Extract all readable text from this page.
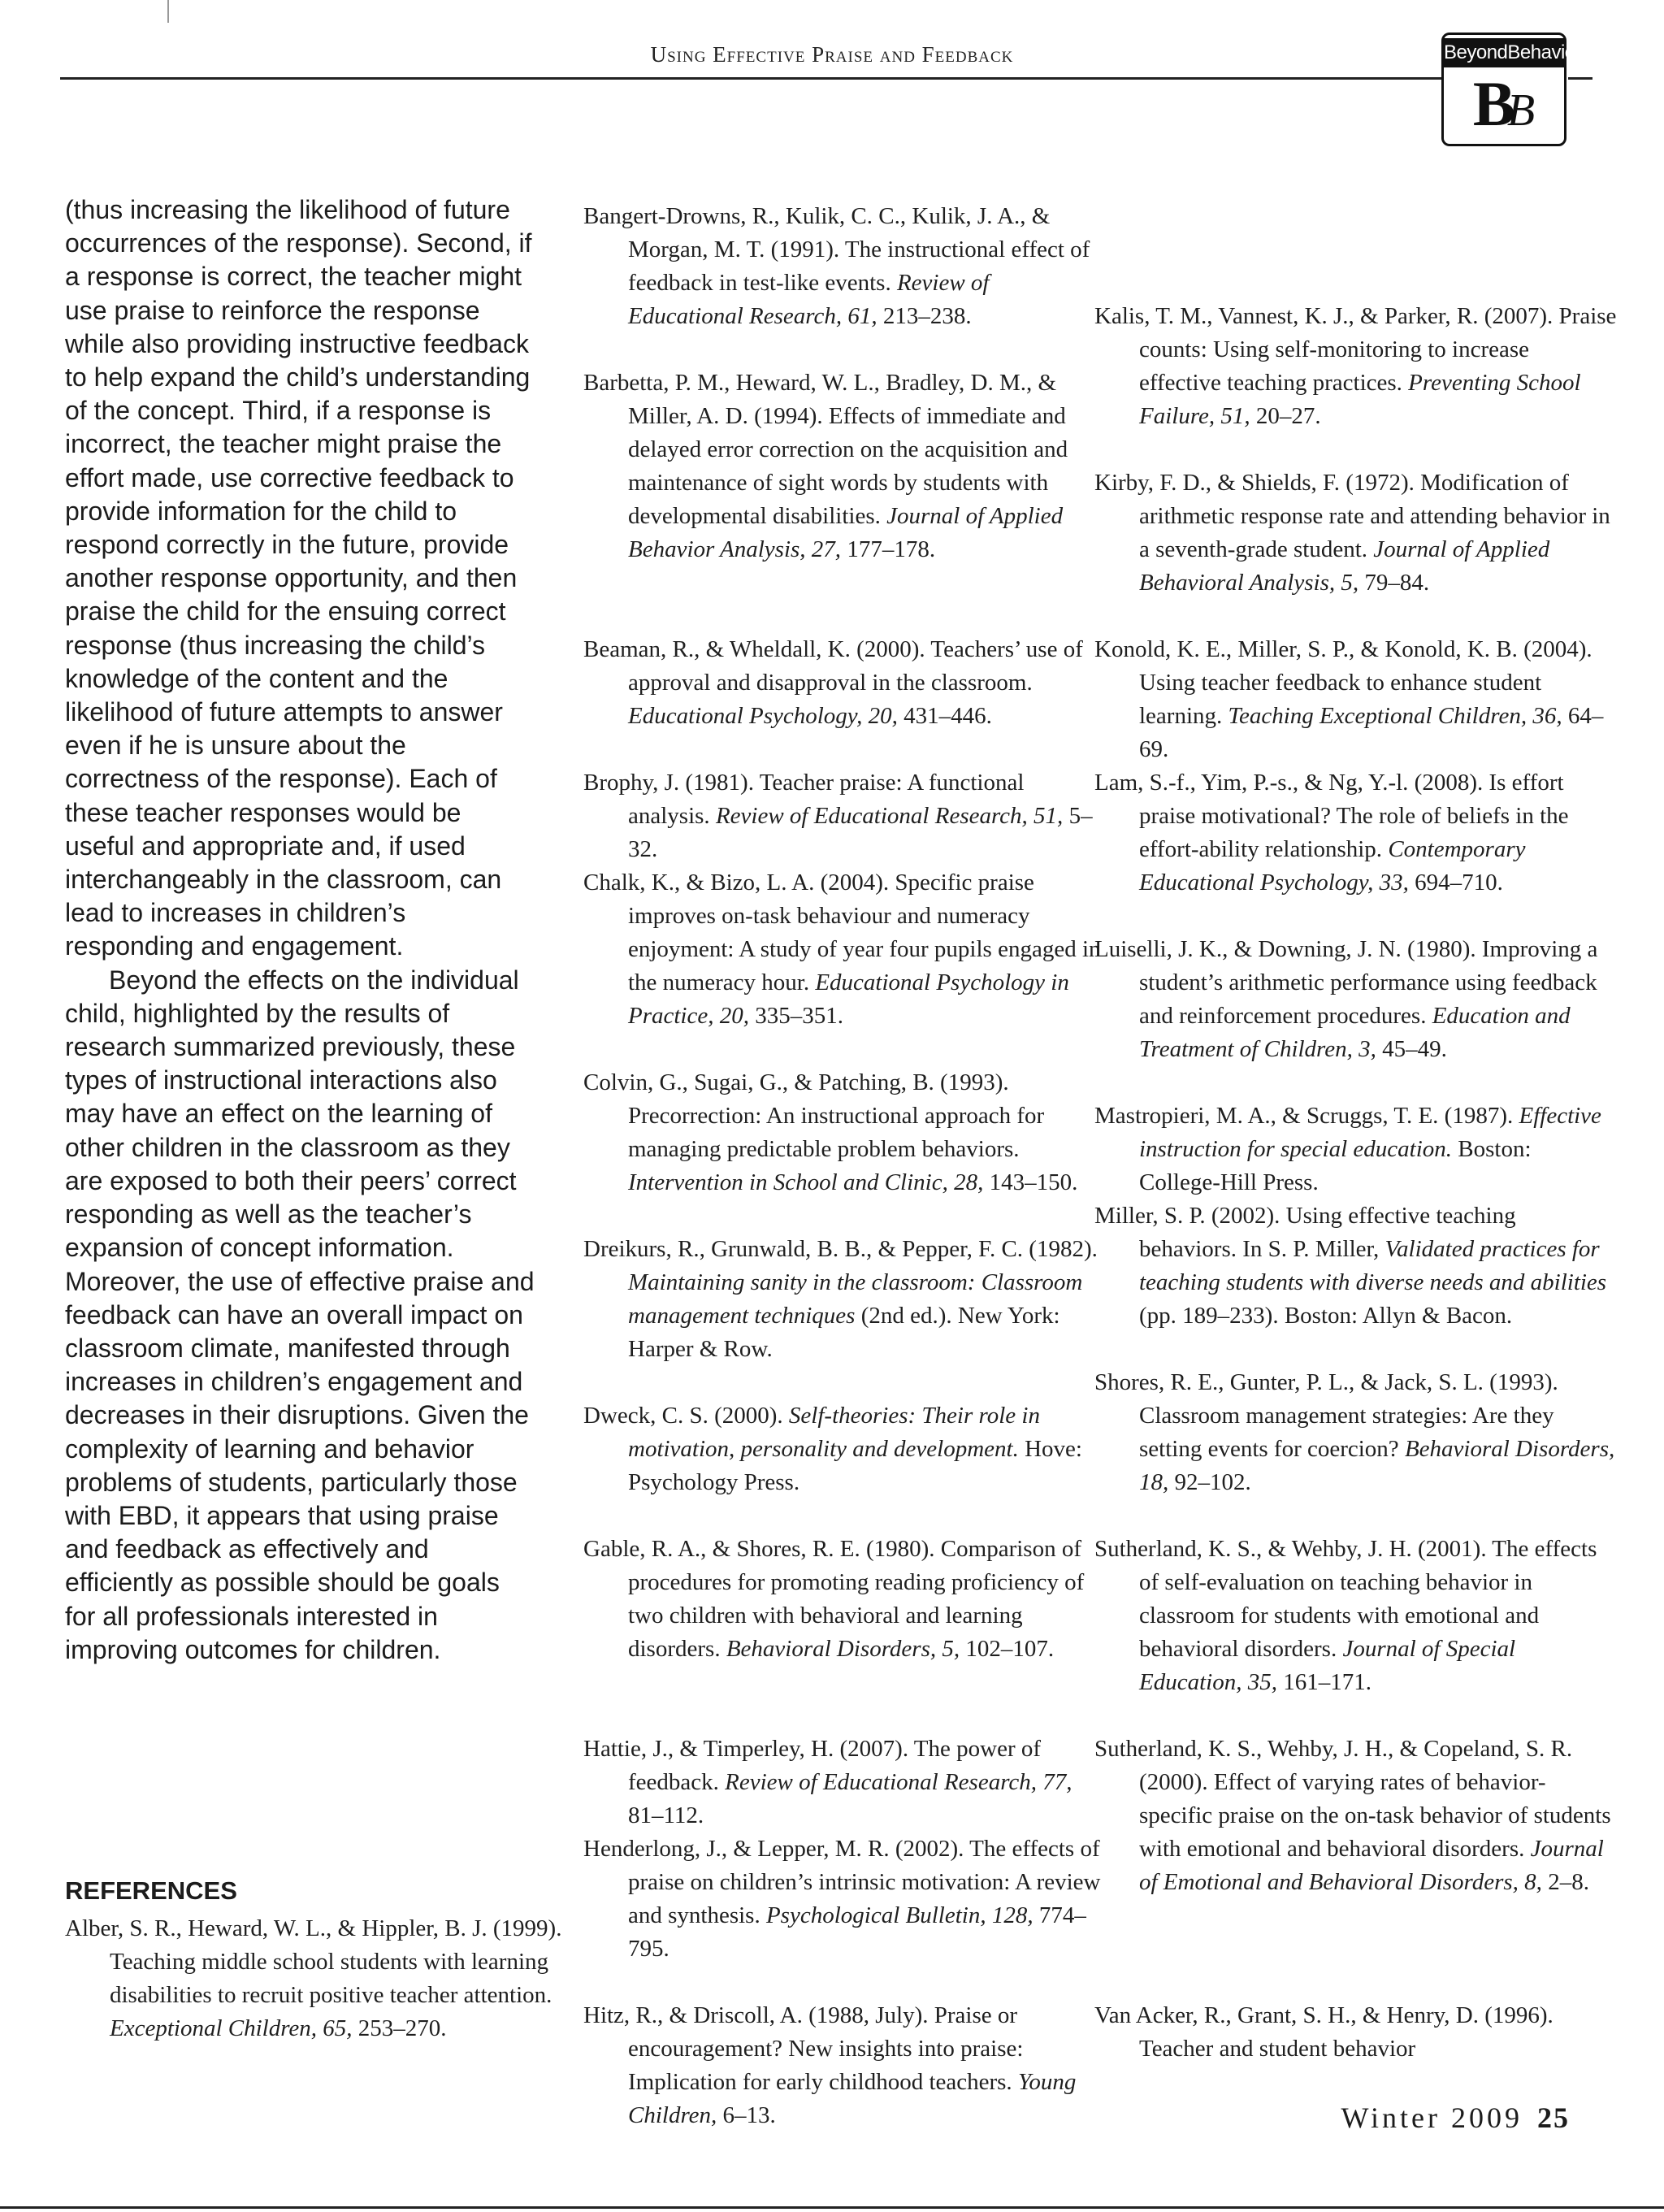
Using Effective Praise and Feedback	BeyondBehavior
BB

(thus increasing the likelihood of future occurrences of the response). Second, if a response is correct, the teacher might use praise to reinforce the response while also providing instructive feedback to help expand the child’s understanding of the concept. Third, if a response is incorrect, the teacher might praise the effort made, use corrective feedback to provide information for the child to respond correctly in the future, provide another response opportunity, and then praise the child for the ensuing correct response (thus increasing the child’s knowledge of the content and the likelihood of future attempts to answer even if he is unsure about the correctness of the response). Each of these teacher responses would be useful and appropriate and, if used interchangeably in the classroom, can lead to increases in children’s responding and engagement.

Beyond the effects on the individual child, highlighted by the results of research summarized previously, these types of instructional interactions also may have an effect on the learning of other children in the classroom as they are exposed to both their peers’ correct responding as well as the teacher’s expansion of concept information. Moreover, the use of effective praise and feedback can have an overall impact on classroom climate, manifested through increases in children’s engagement and decreases in their disruptions. Given the complexity of learning and behavior problems of students, particularly those with EBD, it appears that using praise and feedback as effectively and efficiently as possible should be goals for all professionals interested in improving outcomes for children.

REFERENCES
Alber, S. R., Heward, W. L., & Hippler, B. J. (1999). Teaching middle school students with learning disabilities to recruit positive teacher attention. Exceptional Children, 65, 253–270.
Bangert-Drowns, R., Kulik, C. C., Kulik, J. A., & Morgan, M. T. (1991). The instructional effect of feedback in test-like events. Review of Educational Research, 61, 213–238.
Barbetta, P. M., Heward, W. L., Bradley, D. M., & Miller, A. D. (1994). Effects of immediate and delayed error correction on the acquisition and maintenance of sight words by students with developmental disabilities. Journal of Applied Behavior Analysis, 27, 177–178.
Beaman, R., & Wheldall, K. (2000). Teachers’ use of approval and disapproval in the classroom. Educational Psychology, 20, 431–446.
Brophy, J. (1981). Teacher praise: A functional analysis. Review of Educational Research, 51, 5–32.
Chalk, K., & Bizo, L. A. (2004). Specific praise improves on-task behaviour and numeracy enjoyment: A study of year four pupils engaged in the numeracy hour. Educational Psychology in Practice, 20, 335–351.
Colvin, G., Sugai, G., & Patching, B. (1993). Precorrection: An instructional approach for managing predictable problem behaviors. Intervention in School and Clinic, 28, 143–150.
Dreikurs, R., Grunwald, B. B., & Pepper, F. C. (1982). Maintaining sanity in the classroom: Classroom management techniques (2nd ed.). New York: Harper & Row.
Dweck, C. S. (2000). Self-theories: Their role in motivation, personality and development. Hove: Psychology Press.
Gable, R. A., & Shores, R. E. (1980). Comparison of procedures for promoting reading proficiency of two children with behavioral and learning disorders. Behavioral Disorders, 5, 102–107.
Hattie, J., & Timperley, H. (2007). The power of feedback. Review of Educational Research, 77, 81–112.
Henderlong, J., & Lepper, M. R. (2002). The effects of praise on children’s intrinsic motivation: A review and synthesis. Psychological Bulletin, 128, 774–795.
Hitz, R., & Driscoll, A. (1988, July). Praise or encouragement? New insights into praise: Implication for early childhood teachers. Young Children, 6–13.
Kalis, T. M., Vannest, K. J., & Parker, R. (2007). Praise counts: Using self-monitoring to increase effective teaching practices. Preventing School Failure, 51, 20–27.
Kirby, F. D., & Shields, F. (1972). Modification of arithmetic response rate and attending behavior in a seventh-grade student. Journal of Applied Behavioral Analysis, 5, 79–84.
Konold, K. E., Miller, S. P., & Konold, K. B. (2004). Using teacher feedback to enhance student learning. Teaching Exceptional Children, 36, 64–69.
Lam, S.-f., Yim, P.-s., & Ng, Y.-l. (2008). Is effort praise motivational? The role of beliefs in the effort-ability relationship. Contemporary Educational Psychology, 33, 694–710.
Luiselli, J. K., & Downing, J. N. (1980). Improving a student’s arithmetic performance using feedback and reinforcement procedures. Education and Treatment of Children, 3, 45–49.
Mastropieri, M. A., & Scruggs, T. E. (1987). Effective instruction for special education. Boston: College-Hill Press.
Miller, S. P. (2002). Using effective teaching behaviors. In S. P. Miller, Validated practices for teaching students with diverse needs and abilities (pp. 189–233). Boston: Allyn & Bacon.
Shores, R. E., Gunter, P. L., & Jack, S. L. (1993). Classroom management strategies: Are they setting events for coercion? Behavioral Disorders, 18, 92–102.
Sutherland, K. S., & Wehby, J. H. (2001). The effects of self-evaluation on teaching behavior in classroom for students with emotional and behavioral disorders. Journal of Special Education, 35, 161–171.
Sutherland, K. S., Wehby, J. H., & Copeland, S. R. (2000). Effect of varying rates of behavior-specific praise on the on-task behavior of students with emotional and behavioral disorders. Journal of Emotional and Behavioral Disorders, 8, 2–8.
Van Acker, R., Grant, S. H., & Henry, D. (1996). Teacher and student behavior
Winter 2009 25
